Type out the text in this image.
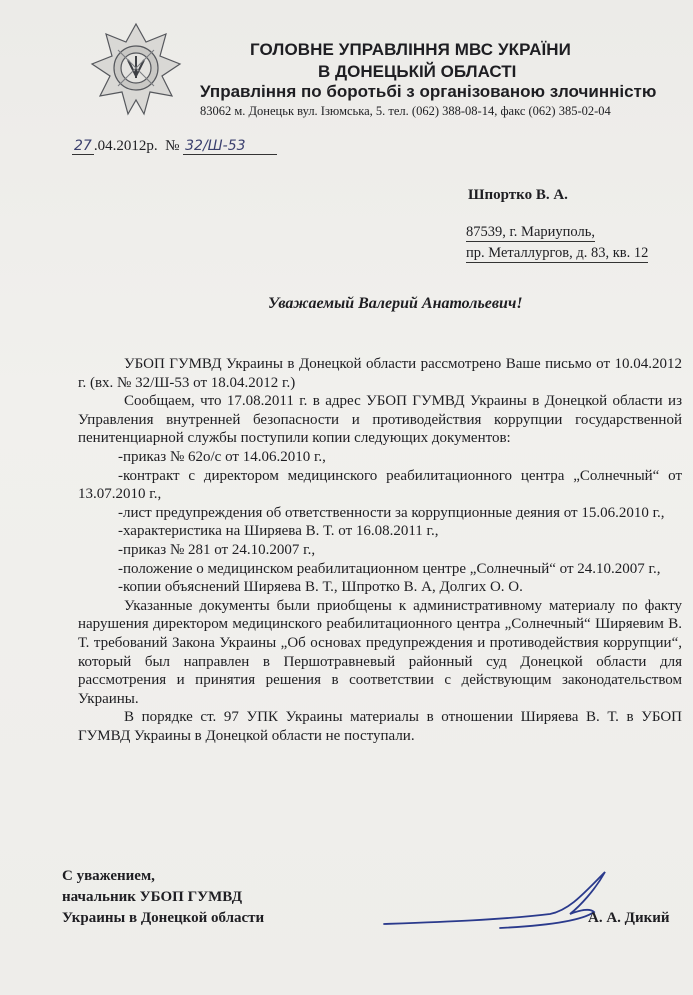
ГОЛОВНЕ УПРАВЛІННЯ МВС УКРАЇНИ
В ДОНЕЦЬКІЙ ОБЛАСТІ
Управління по боротьбі з організованою злочинністю
83062 м. Донецьк вул. Ізюмська, 5. тел. (062) 388-08-14, факс (062) 385-02-04
27 .04.2012р. № 32/Ш-53
Шпортко В. А.
87539, г. Мариуполь,
пр. Металлургов, д. 83, кв. 12
Уважаемый Валерий Анатольевич!

УБОП ГУМВД Украины в Донецкой области рассмотрено Ваше письмо от 10.04.2012 г. (вх. № 32/Ш-53 от 18.04.2012 г.)

Сообщаем, что 17.08.2011 г. в адрес УБОП ГУМВД Украины в Донецкой области из Управления внутренней безопасности и противодействия коррупции государственной пенитенциарной службы поступили копии следующих документов:

-приказ № 62о/с от 14.06.2010 г.,

-контракт с директором медицинского реабилитационного центра „Солнечный“ от 13.07.2010 г.,

-лист предупреждения об ответственности за коррупционные деяния от 15.06.2010 г.,

-характеристика на Ширяева В. Т. от 16.08.2011 г.,

-приказ № 281 от 24.10.2007 г.,

-положение о медицинском реабилитационном центре „Солнечный“ от 24.10.2007 г.,

-копии объяснений Ширяева В. Т., Шпротко В. А, Долгих О. О.

Указанные документы были приобщены к административному материалу по факту нарушения директором медицинского реабилитационного центра „Солнечный“ Ширяевим В. Т. требований Закона Украины „Об основах предупреждения и противодействия коррупции“, который был направлен в Першотравневый районный суд Донецкой области для рассмотрения и принятия решения в соответствии с действующим законодательством Украины.

В порядке ст. 97 УПК Украины материалы в отношении Ширяева В. Т. в УБОП ГУМВД Украины в Донецкой области не поступали.

С уважением,
начальник УБОП ГУМВД
Украины в Донецкой области	А. А. Дикий
